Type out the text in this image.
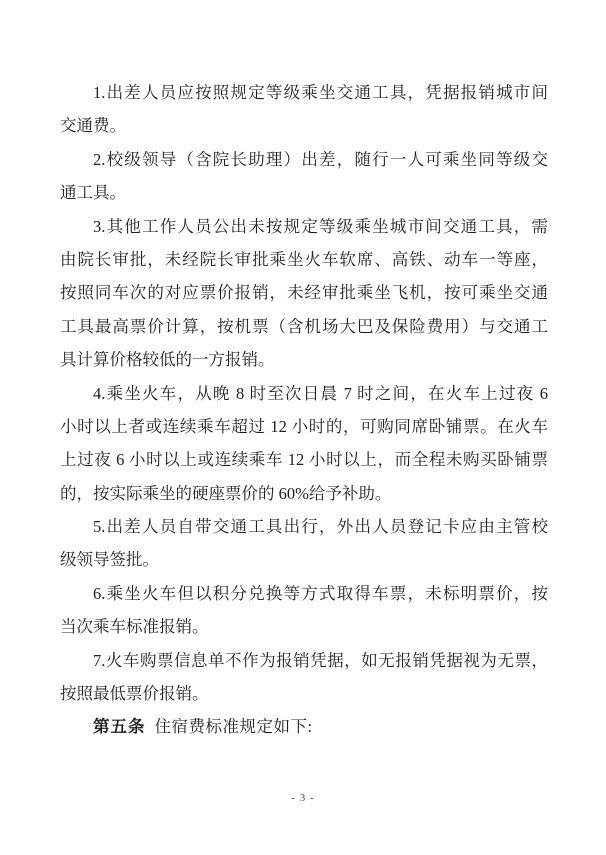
1.出差人员应按照规定等级乘坐交通工具，凭据报销城市间
交通费。
2.校级领导（含院长助理）出差，随行一人可乘坐同等级交
通工具。
3.其他工作人员公出未按规定等级乘坐城市间交通工具，需
由院长审批，未经院长审批乘坐火车软席、高铁、动车一等座，
按照同车次的对应票价报销，未经审批乘坐飞机，按可乘坐交通
工具最高票价计算，按机票（含机场大巴及保险费用）与交通工
具计算价格较低的一方报销。
4.乘坐火车，从晚 8 时至次日晨 7 时之间，在火车上过夜 6
小时以上者或连续乘车超过 12 小时的，可购同席卧铺票。在火车
上过夜 6 小时以上或连续乘车 12 小时以上，而全程未购买卧铺票
的，按实际乘坐的硬座票价的 60%给予补助。
5.出差人员自带交通工具出行，外出人员登记卡应由主管校
级领导签批。
6.乘坐火车但以积分兑换等方式取得车票，未标明票价，按
当次乘车标准报销。
7.火车购票信息单不作为报销凭据，如无报销凭据视为无票，
按照最低票价报销。
第五条 住宿费标准规定如下:
- 3 -
